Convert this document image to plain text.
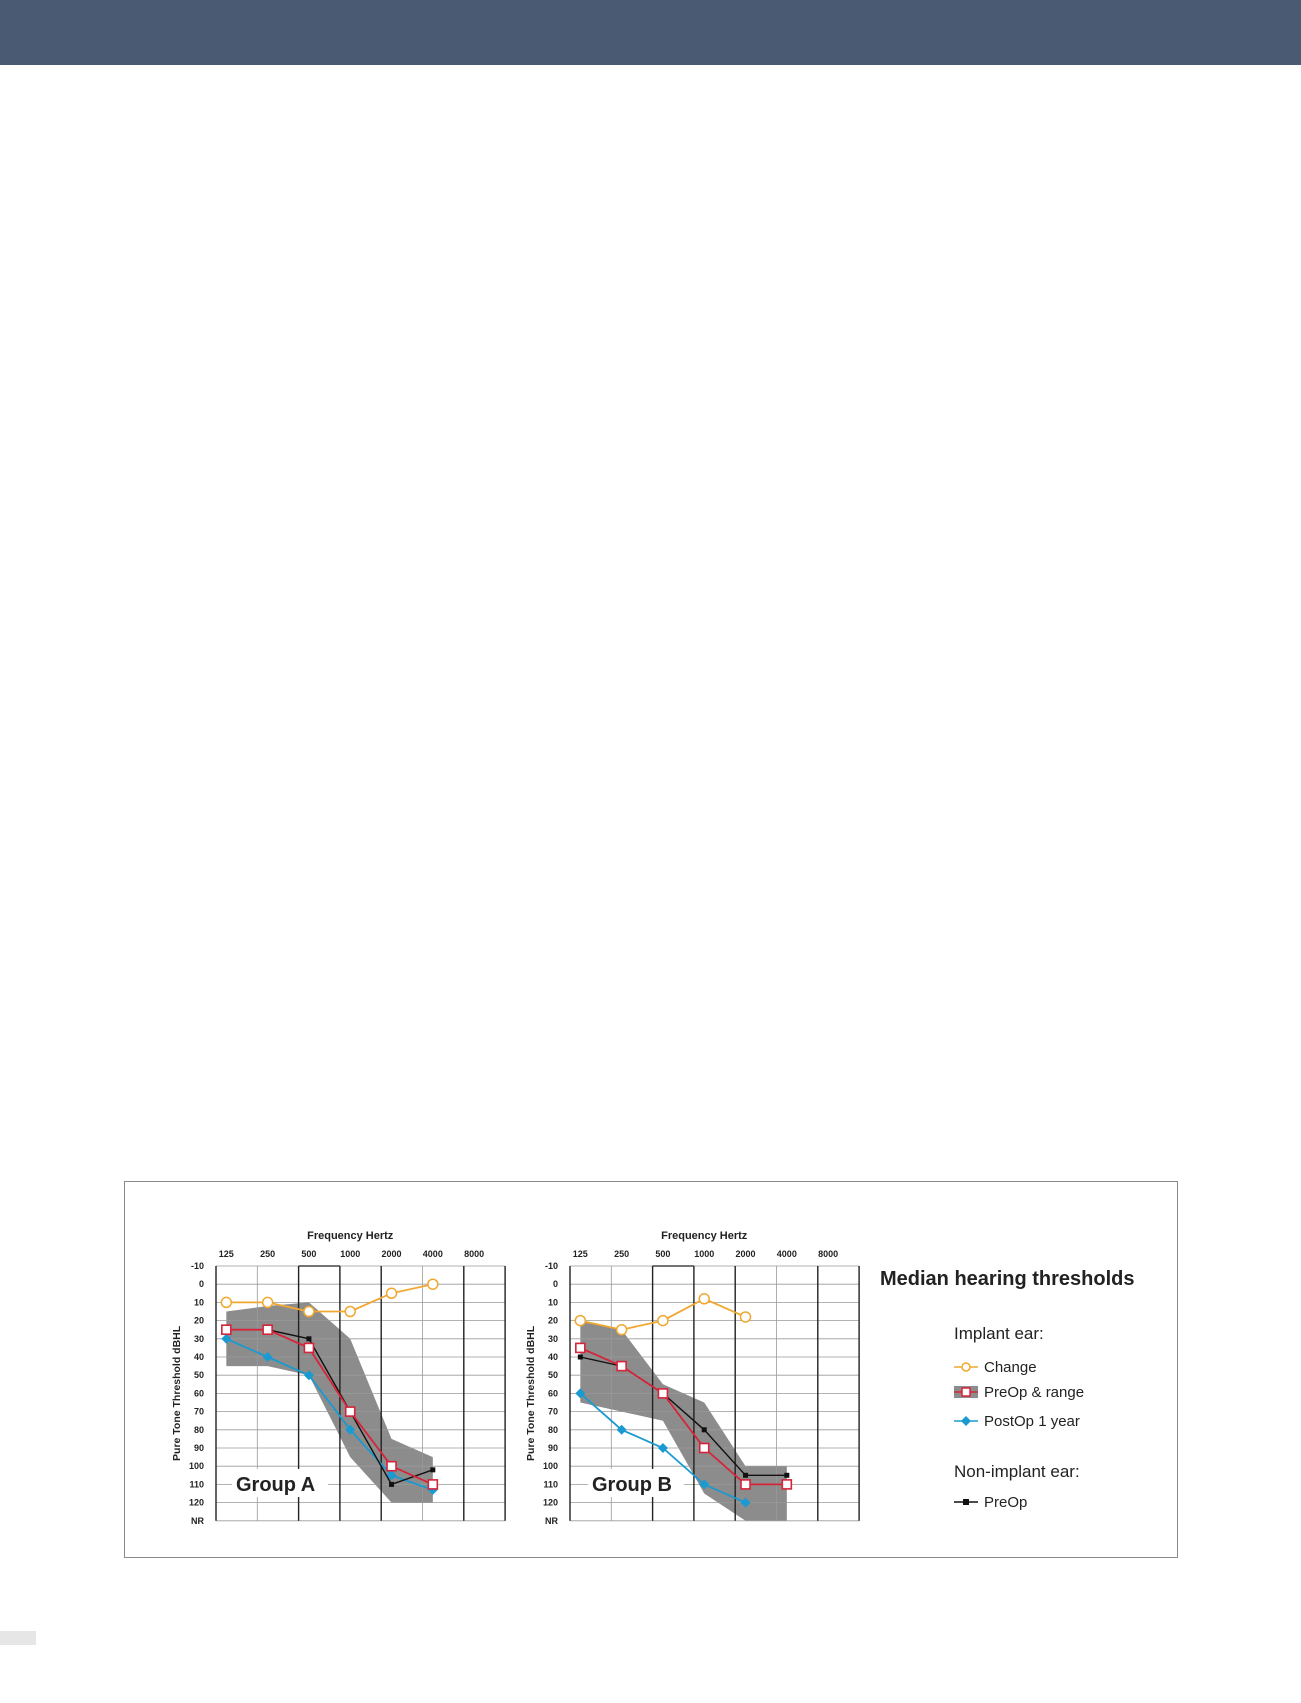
Frequency Hertz
125	250	500	1000 2000 4000 8000
-10
0
10
20
30
40
50
60
70
80
90
100
110
120
NR
Pure Tone Threshold dBHL
Group A
Frequency Hertz
125	250	500	1000 2000 4000 8000
-10
0
10
20
30
40
50
60
70
80
90
100
110
120
NR
Pure Tone Threshold dBHL
Group B
Median hearing thresholds
Implant ear:
Change
PreOp & range
PostOp 1 year
Non-implant ear:
PreOp
